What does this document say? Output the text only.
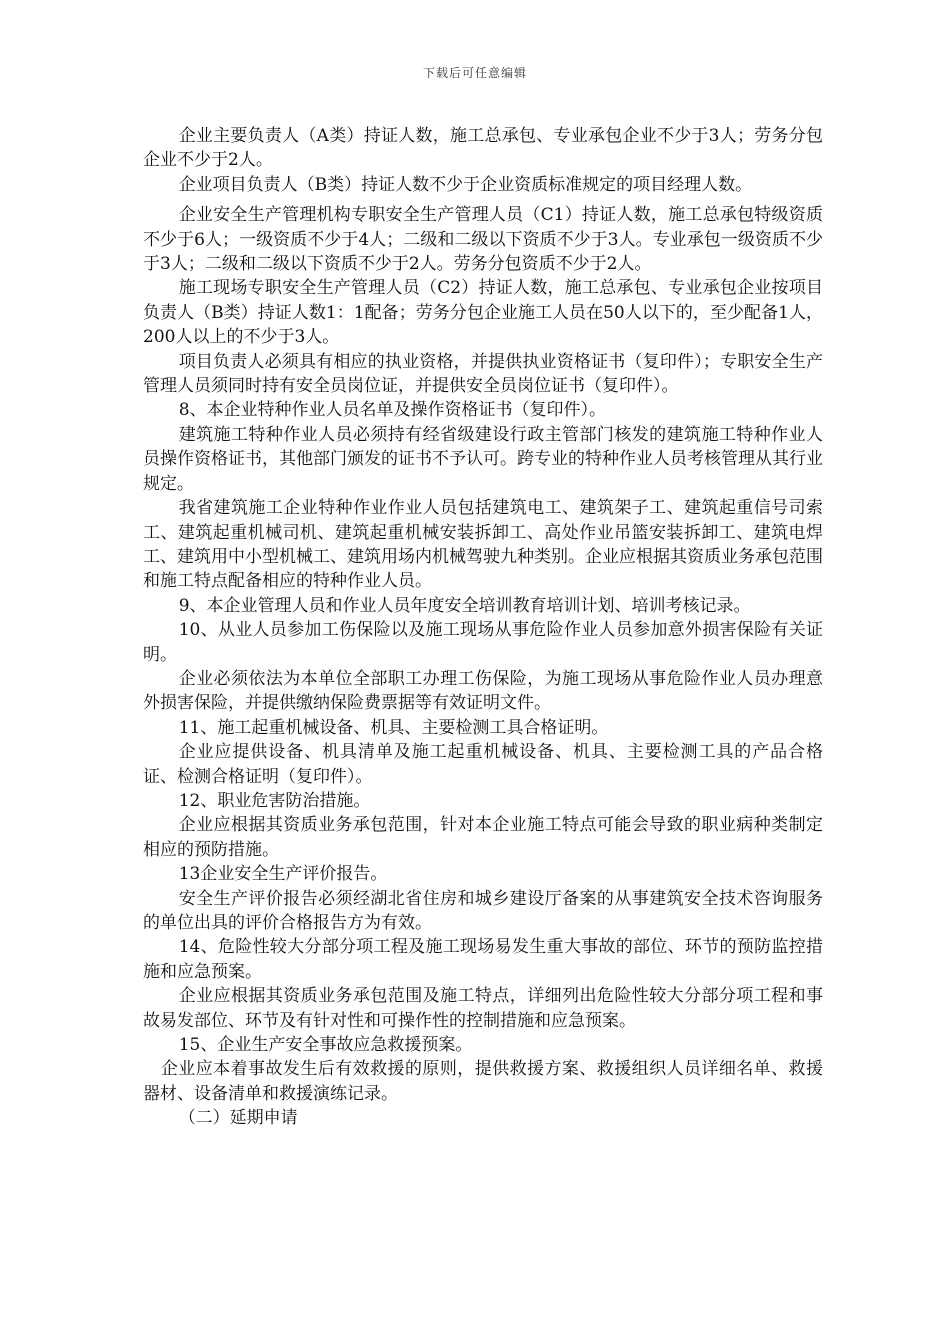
下载后可任意编辑

企业主要负责人（A类）持证人数，施工总承包、专业承包企业不少于3人；劳务分包企业不少于2人。

企业项目负责人（B类）持证人数不少于企业资质标准规定的项目经理人数。

企业安全生产管理机构专职安全生产管理人员（C1）持证人数，施工总承包特级资质不少于6人；一级资质不少于4人；二级和二级以下资质不少于3人。专业承包一级资质不少于3人；二级和二级以下资质不少于2人。劳务分包资质不少于2人。

施工现场专职安全生产管理人员（C2）持证人数，施工总承包、专业承包企业按项目负责人（B类）持证人数1：1配备；劳务分包企业施工人员在50人以下的，至少配备1人，200人以上的不少于3人。

项目负责人必须具有相应的执业资格，并提供执业资格证书（复印件）；专职安全生产管理人员须同时持有安全员岗位证，并提供安全员岗位证书（复印件）。

8、本企业特种作业人员名单及操作资格证书（复印件）。

建筑施工特种作业人员必须持有经省级建设行政主管部门核发的建筑施工特种作业人员操作资格证书，其他部门颁发的证书不予认可。跨专业的特种作业人员考核管理从其行业规定。

我省建筑施工企业特种作业作业人员包括建筑电工、建筑架子工、建筑起重信号司索工、建筑起重机械司机、建筑起重机械安装拆卸工、高处作业吊篮安装拆卸工、建筑电焊工、建筑用中小型机械工、建筑用场内机械驾驶九种类别。企业应根据其资质业务承包范围和施工特点配备相应的特种作业人员。

9、本企业管理人员和作业人员年度安全培训教育培训计划、培训考核记录。

10、从业人员参加工伤保险以及施工现场从事危险作业人员参加意外损害保险有关证明。

企业必须依法为本单位全部职工办理工伤保险，为施工现场从事危险作业人员办理意外损害保险，并提供缴纳保险费票据等有效证明文件。

11、施工起重机械设备、机具、主要检测工具合格证明。

企业应提供设备、机具清单及施工起重机械设备、机具、主要检测工具的产品合格证、检测合格证明（复印件）。

12、职业危害防治措施。

企业应根据其资质业务承包范围，针对本企业施工特点可能会导致的职业病种类制定相应的预防措施。

13企业安全生产评价报告。

安全生产评价报告必须经湖北省住房和城乡建设厅备案的从事建筑安全技术咨询服务的单位出具的评价合格报告方为有效。

14、危险性较大分部分项工程及施工现场易发生重大事故的部位、环节的预防监控措施和应急预案。

企业应根据其资质业务承包范围及施工特点，详细列出危险性较大分部分项工程和事故易发部位、环节及有针对性和可操作性的控制措施和应急预案。

15、企业生产安全事故应急救援预案。

企业应本着事故发生后有效救援的原则，提供救援方案、救援组织人员详细名单、救援器材、设备清单和救援演练记录。

（二）延期申请
